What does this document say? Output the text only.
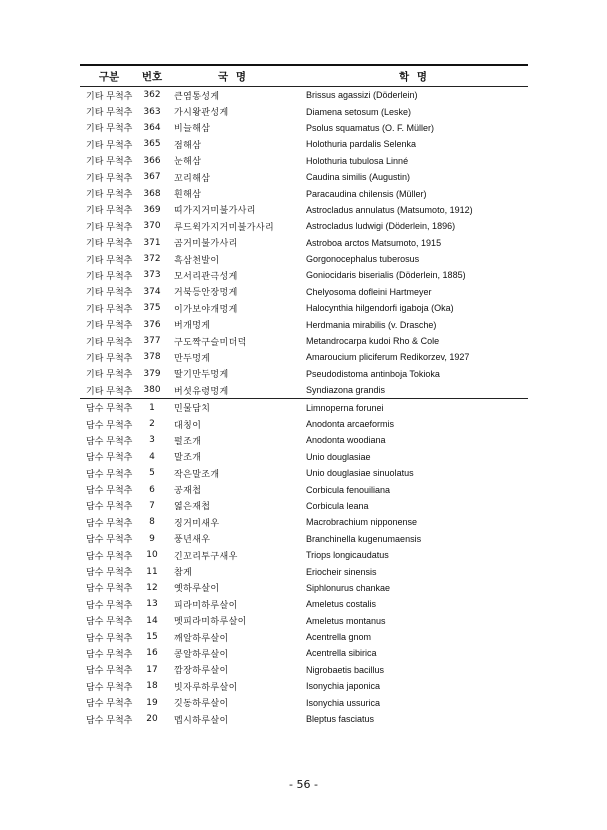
구분	번호	국 명	학 명
기타 무척추	362	큰염통성게	Brissus agassizi (Döderlein)
기타 무척추	363	가시왕관성게	Diamena setosum (Leske)
기타 무척추	364	비늘해삼	Psolus squamatus (O. F. Müller)
기타 무척추	365	점해삼	Holothuria pardalis Selenka
기타 무척추	366	눈해삼	Holothuria tubulosa Linné
기타 무척추	367	꼬리해삼	Caudina similis (Augustin)
기타 무척추	368	흰해삼	Paracaudina chilensis (Müller)
기타 무척추	369	띠가지거미불가사리	Astrocladus annulatus (Matsumoto, 1912)
기타 무척추	370	루드윅가지거미불가사리	Astrocladus ludwigi (Döderlein, 1896)
기타 무척추	371	곰거미불가사리	Astroboa arctos Matsumoto, 1915
기타 무척추	372	흑삼천발이	Gorgonocephalus tuberosus
기타 무척추	373	모서리관극성게	Goniocidaris biserialis (Döderlein, 1885)
기타 무척추	374	거북등안장멍게	Chelyosoma dofleini Hartmeyer
기타 무척추	375	이가보야개멍게	Halocynthia hilgendorfi igaboja (Oka)
기타 무척추	376	버개멍게	Herdmania mirabilis (v. Drasche)
기타 무척추	377	구도짝구슬미더덕	Metandrocarpa kudoi Rho & Cole
기타 무척추	378	만두멍게	Amaroucium pliciferum Redikorzev, 1927
기타 무척추	379	딸기만두멍게	Pseudodistoma antinboja Tokioka
기타 무척추	380	버섯유령멍게	Syndiazona grandis
담수 무척추	1	민물담치	Limnoperna forunei
담수 무척추	2	대칭이	Anodonta arcaeformis
담수 무척추	3	펄조개	Anodonta woodiana
담수 무척추	4	말조개	Unio douglasiae
담수 무척추	5	작은말조개	Unio douglasiae sinuolatus
담수 무척추	6	공재첩	Corbicula fenouiliana
담수 무척추	7	엷은재첩	Corbicula leana
담수 무척추	8	징거미새우	Macrobrachium nipponense
담수 무척추	9	풍년새우	Branchinella kugenumaensis
담수 무척추	10	긴꼬리투구새우	Triops longicaudatus
담수 무척추	11	참게	Eriocheir sinensis
담수 무척추	12	옛하루살이	Siphlonurus chankae
담수 무척추	13	피라미하루살이	Ameletus costalis
담수 무척추	14	멧피라미하루살이	Ameletus montanus
담수 무척추	15	깨알하루살이	Acentrella gnom
담수 무척추	16	콩알하루살이	Acentrella sibirica
담수 무척추	17	깜장하루살이	Nigrobaetis bacillus
담수 무척추	18	빗자루하루살이	Isonychia japonica
담수 무척추	19	깃동하루살이	Isonychia ussurica
담수 무척추	20	멥시하루살이	Bleptus fasciatus
- 56 -
